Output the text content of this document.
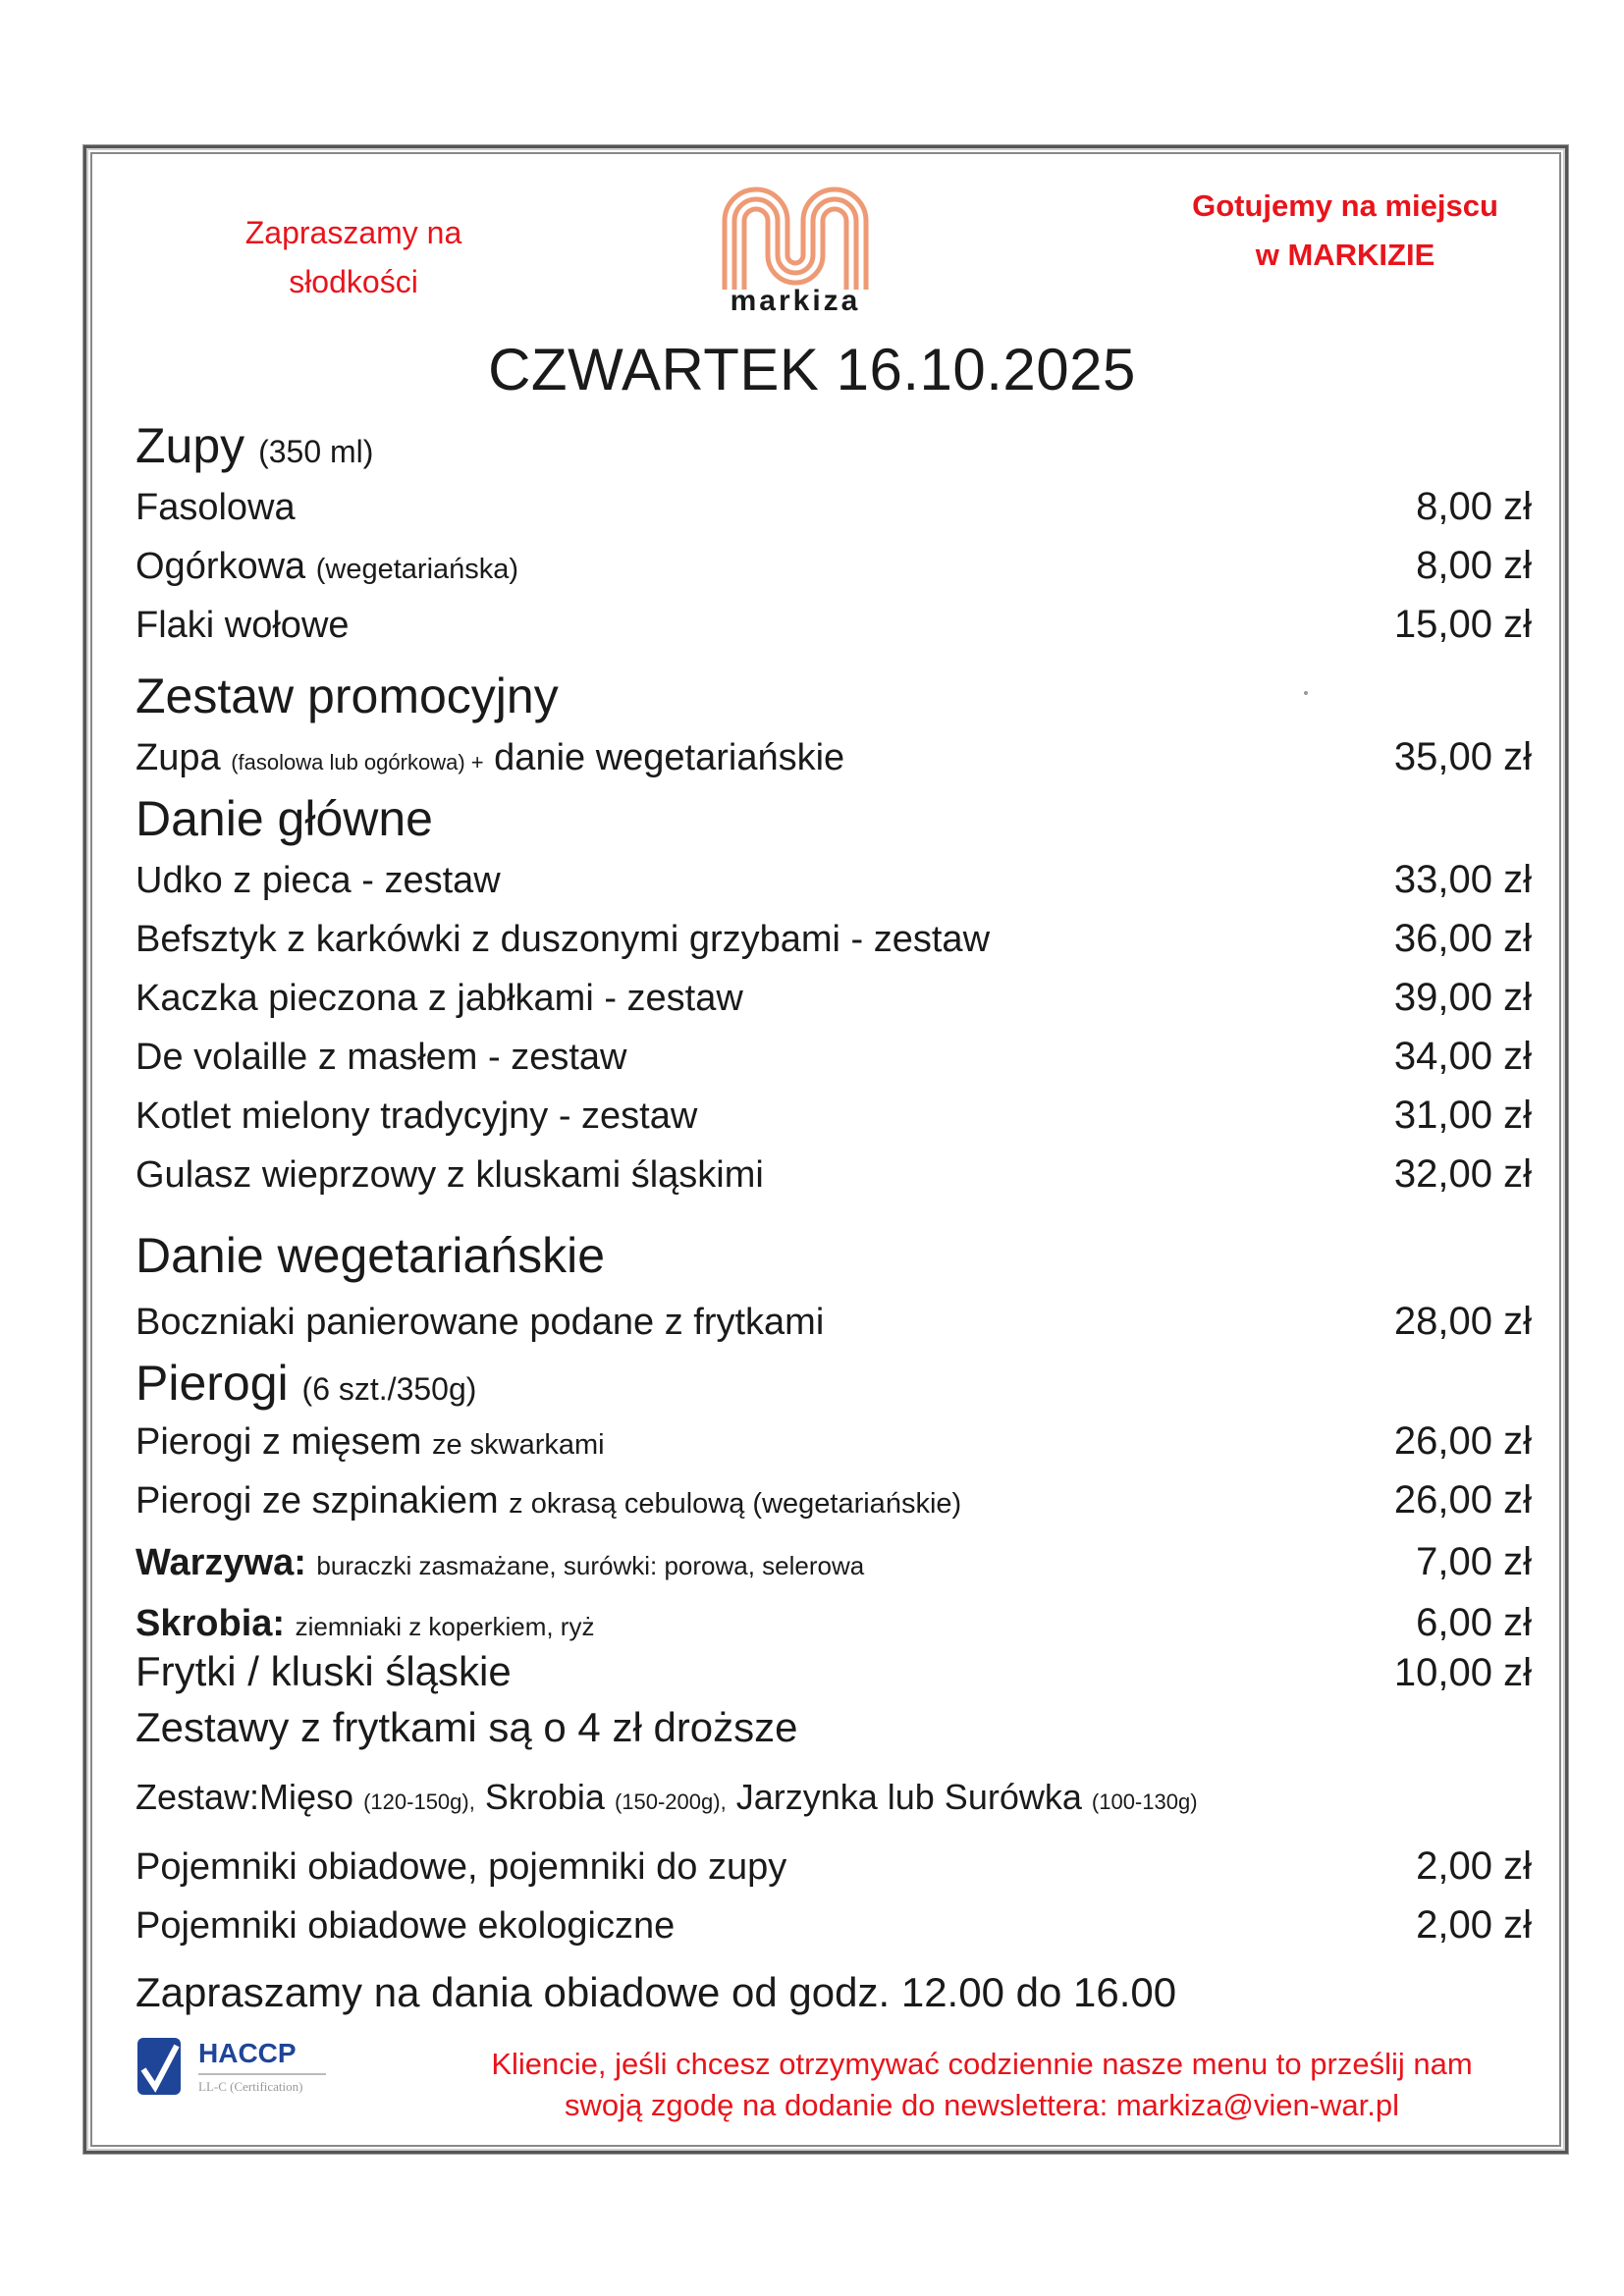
Zapraszamy na
słodkości
markiza
Gotujemy na miejscu
w MARKIZIE
CZWARTEK 16.10.2025
Zupy (350 ml)
Fasolowa	8,00 zł
Ogórkowa (wegetariańska)	8,00 zł
Flaki wołowe	15,00 zł
Zestaw promocyjny
Zupa (fasolowa lub ogórkowa) + danie wegetariańskie	35,00 zł
Danie główne
Udko z pieca - zestaw	33,00 zł
Befsztyk z karkówki z duszonymi grzybami - zestaw	36,00 zł
Kaczka pieczona z jabłkami - zestaw	39,00 zł
De volaille z masłem - zestaw	34,00 zł
Kotlet mielony tradycyjny - zestaw	31,00 zł
Gulasz wieprzowy z kluskami śląskimi	32,00 zł
Danie wegetariańskie
Boczniaki panierowane podane z frytkami	28,00 zł
Pierogi (6 szt./350g)
Pierogi z mięsem ze skwarkami	26,00 zł
Pierogi ze szpinakiem z okrasą cebulową (wegetariańskie)	26,00 zł
Warzywa: buraczki zasmażane, surówki: porowa, selerowa	7,00 zł
Skrobia: ziemniaki z koperkiem, ryż	6,00 zł
Frytki / kluski śląskie	10,00 zł
Zestawy z frytkami są o 4 zł droższe
Zestaw:Mięso (120-150g), Skrobia (150-200g), Jarzynka lub Surówka (100-130g)
Pojemniki obiadowe, pojemniki do zupy	2,00 zł
Pojemniki obiadowe ekologiczne	2,00 zł
Zapraszamy na dania obiadowe od godz. 12.00 do 16.00
HACCP
LL-C (Certification)
Kliencie, jeśli chcesz otrzymywać codziennie nasze menu to prześlij nam
swoją zgodę na dodanie do newslettera: markiza@vien-war.pl
